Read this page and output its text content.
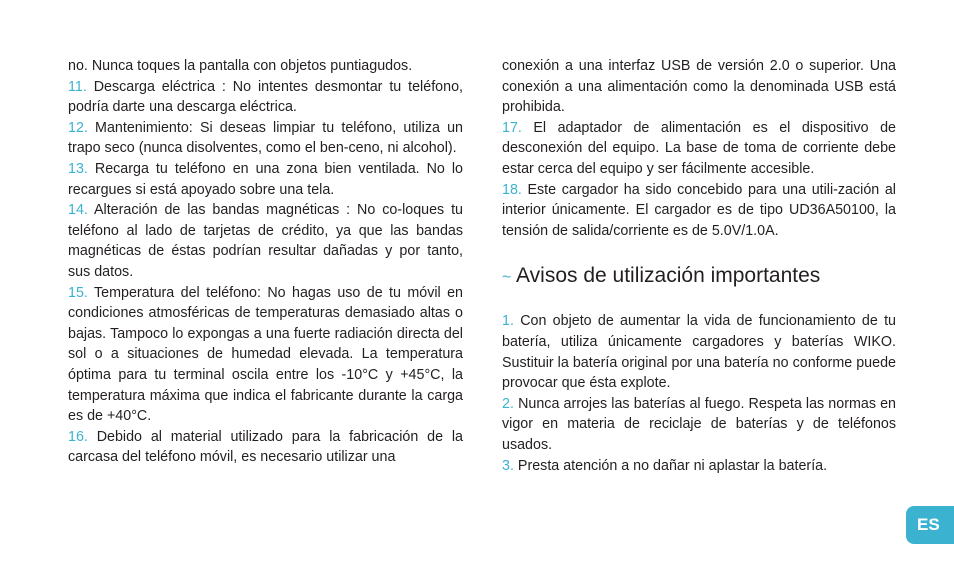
no. Nunca toques la pantalla con objetos puntiagudos.

11. Descarga eléctrica : No intentes desmontar tu teléfono, podría darte una descarga eléctrica.

12. Mantenimiento: Si deseas limpiar tu teléfono, utiliza un trapo seco (nunca disolventes, como el ben-ceno, ni alcohol).

13. Recarga tu teléfono en una zona bien ventilada. No lo recargues si está apoyado sobre una tela.

14. Alteración de las bandas magnéticas : No co-loques tu teléfono al lado de tarjetas de crédito, ya que las bandas magnéticas de éstas podrían resultar dañadas y por tanto, sus datos.

15. Temperatura del teléfono: No hagas uso de tu móvil en condiciones atmosféricas de temperaturas demasiado altas o bajas. Tampoco lo expongas a una fuerte radiación directa del sol o a situaciones de humedad elevada. La temperatura óptima para tu terminal oscila entre los -10°C y +45°C, la temperatura máxima que indica el fabricante durante la carga es de +40°C.

16. Debido al material utilizado para la fabricación de la carcasa del teléfono móvil, es necesario utilizar una

conexión a una interfaz USB de versión 2.0 o superior. Una conexión a una alimentación como la denominada USB está prohibida.

17. El adaptador de alimentación es el dispositivo de desconexión del equipo. La base de toma de corriente debe estar cerca del equipo y ser fácilmente accesible.

18. Este cargador ha sido concebido para una utili-zación al interior únicamente. El cargador es de tipo UD36A50100, la tensión de salida/corriente es de 5.0V/1.0A.

~ Avisos de utilización importantes

1. Con objeto de aumentar la vida de funcionamiento de tu batería, utiliza únicamente cargadores y baterías WIKO. Sustituir la batería original por una batería no conforme puede provocar que ésta explote.

2. Nunca arrojes las baterías al fuego. Respeta las normas en vigor en materia de reciclaje de baterías y de teléfonos usados.

3. Presta atención a no dañar ni aplastar la batería.

ES
